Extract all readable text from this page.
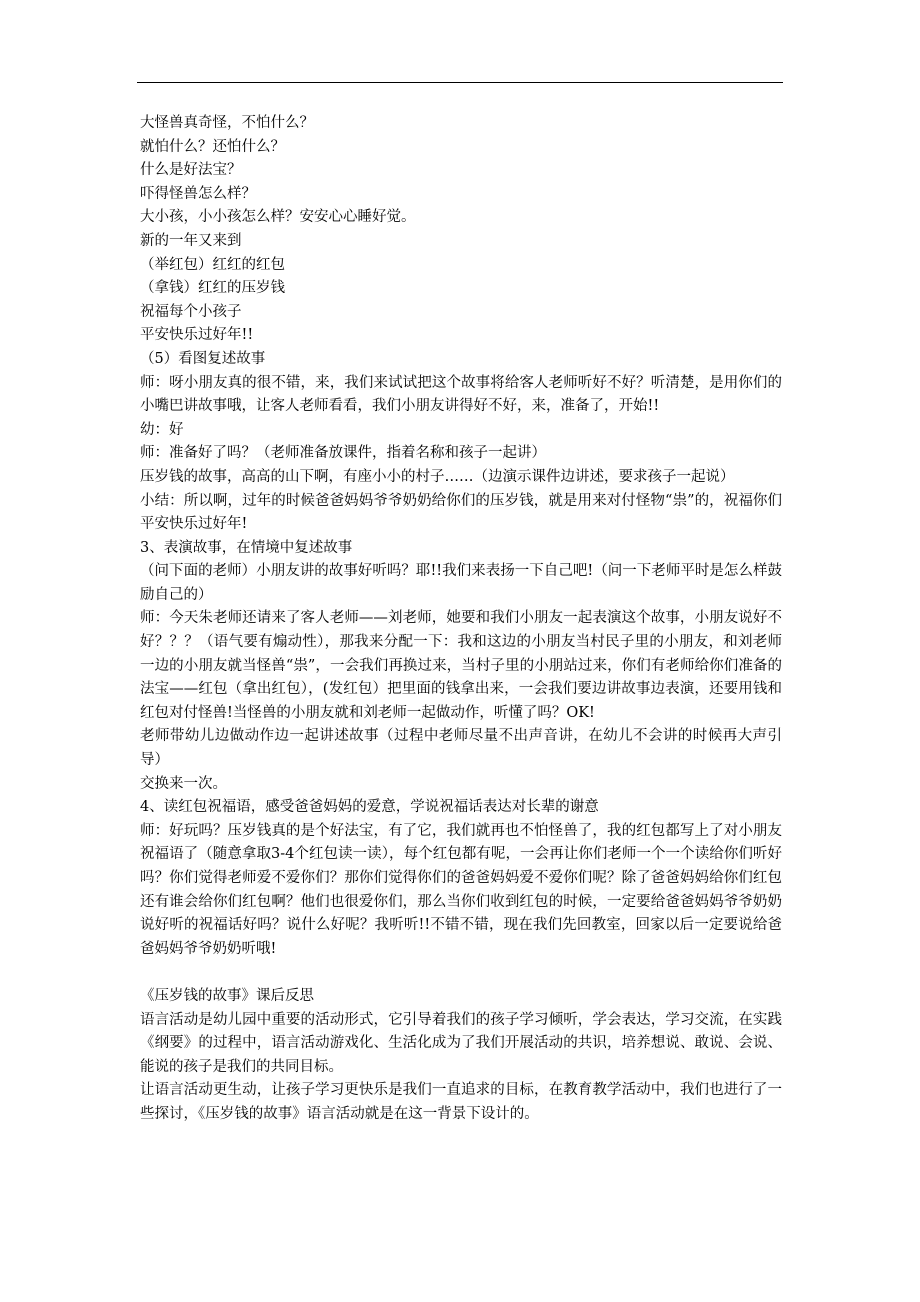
大怪兽真奇怪，不怕什么？

就怕什么？还怕什么？

什么是好法宝？

吓得怪兽怎么样？

大小孩，小小孩怎么样？安安心心睡好觉。

新的一年又来到

（举红包）红红的红包

（拿钱）红红的压岁钱

祝福每个小孩子

平安快乐过好年!!

（5）看图复述故事

师：呀小朋友真的很不错，来，我们来试试把这个故事将给客人老师听好不好？听清楚，是用你们的小嘴巴讲故事哦，让客人老师看看，我们小朋友讲得好不好，来，准备了，开始!!

幼：好

师：准备好了吗？（老师准备放课件，指着名称和孩子一起讲）

压岁钱的故事，高高的山下啊，有座小小的村子……（边演示课件边讲述，要求孩子一起说）

小结：所以啊，过年的时候爸爸妈妈爷爷奶奶给你们的压岁钱，就是用来对付怪物“祟”的，祝福你们平安快乐过好年!

3、表演故事，在情境中复述故事

（问下面的老师）小朋友讲的故事好听吗？耶!!我们来表扬一下自己吧!（问一下老师平时是怎么样鼓励自己的）

师：今天朱老师还请来了客人老师——刘老师，她要和我们小朋友一起表演这个故事，小朋友说好不好？？？（语气要有煽动性），那我来分配一下：我和这边的小朋友当村民子里的小朋友，和刘老师一边的小朋友就当怪兽“祟”，一会我们再换过来，当村子里的小朋站过来，你们有老师给你们准备的法宝——红包（拿出红包），(发红包）把里面的钱拿出来，一会我们要边讲故事边表演，还要用钱和红包对付怪兽!当怪兽的小朋友就和刘老师一起做动作，听懂了吗？OK!

老师带幼儿边做动作边一起讲述故事（过程中老师尽量不出声音讲，在幼儿不会讲的时候再大声引导）

交换来一次。

4、读红包祝福语，感受爸爸妈妈的爱意，学说祝福话表达对长辈的谢意

师：好玩吗？压岁钱真的是个好法宝，有了它，我们就再也不怕怪兽了，我的红包都写上了对小朋友祝福语了（随意拿取3-4个红包读一读），每个红包都有呢，一会再让你们老师一个一个读给你们听好吗？你们觉得老师爱不爱你们？那你们觉得你们的爸爸妈妈爱不爱你们呢？除了爸爸妈妈给你们红包还有谁会给你们红包啊？他们也很爱你们，那么当你们收到红包的时候，一定要给爸爸妈妈爷爷奶奶说好听的祝福话好吗？说什么好呢？我听听!!不错不错，现在我们先回教室，回家以后一定要说给爸爸妈妈爷爷奶奶听哦!

《压岁钱的故事》课后反思

语言活动是幼儿园中重要的活动形式，它引导着我们的孩子学习倾听，学会表达，学习交流，在实践《纲要》的过程中，语言活动游戏化、生活化成为了我们开展活动的共识，培养想说、敢说、会说、能说的孩子是我们的共同目标。

让语言活动更生动，让孩子学习更快乐是我们一直追求的目标，在教育教学活动中，我们也进行了一些探讨，《压岁钱的故事》语言活动就是在这一背景下设计的。
